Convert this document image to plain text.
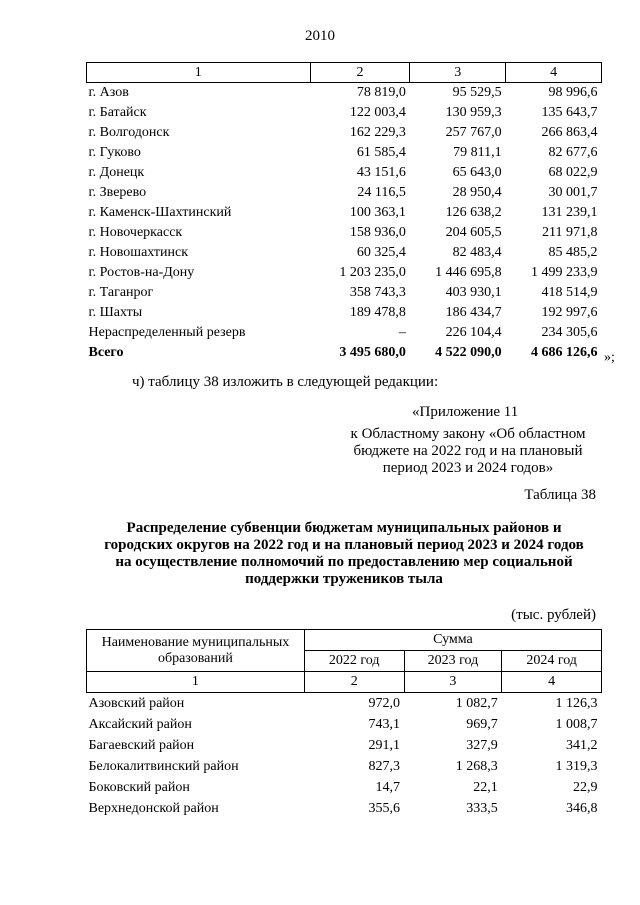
2010
1	2	3	4
г. Азов	78 819,0	95 529,5	98 996,6
г. Батайск	122 003,4	130 959,3	135 643,7
г. Волгодонск	162 229,3	257 767,0	266 863,4
г. Гуково	61 585,4	79 811,1	82 677,6
г. Донецк	43 151,6	65 643,0	68 022,9
г. Зверево	24 116,5	28 950,4	30 001,7
г. Каменск-Шахтинский	100 363,1	126 638,2	131 239,1
г. Новочеркасск	158 936,0	204 605,5	211 971,8
г. Новошахтинск	60 325,4	82 483,4	85 485,2
г. Ростов-на-Дону	1 203 235,0	1 446 695,8	1 499 233,9
г. Таганрог	358 743,3	403 930,1	418 514,9
г. Шахты	189 478,8	186 434,7	192 997,6
Нераспределенный резерв	–	226 104,4	234 305,6
Всего	3 495 680,0	4 522 090,0	4 686 126,6 »;
ч) таблицу 38 изложить в следующей редакции:
«Приложение 11
к Областному закону «Об областном
бюджете на 2022 год и на плановый
период 2023 и 2024 годов»
Таблица 38
Распределение субвенции бюджетам муниципальных районов и
городских округов на 2022 год и на плановый период 2023 и 2024 годов
на осуществление полномочий по предоставлению мер социальной
поддержки тружеников тыла
(тыс. рублей)
Наименование муниципальных
образований	Сумма		
	2022 год	2023 год	2024 год
1	2	3	4
Азовский район	972,0	1 082,7	1 126,3
Аксайский район	743,1	969,7	1 008,7
Багаевский район	291,1	327,9	341,2
Белокалитвинский район	827,3	1 268,3	1 319,3
Боковский район	14,7	22,1	22,9
Верхнедонской район	355,6	333,5	346,8
